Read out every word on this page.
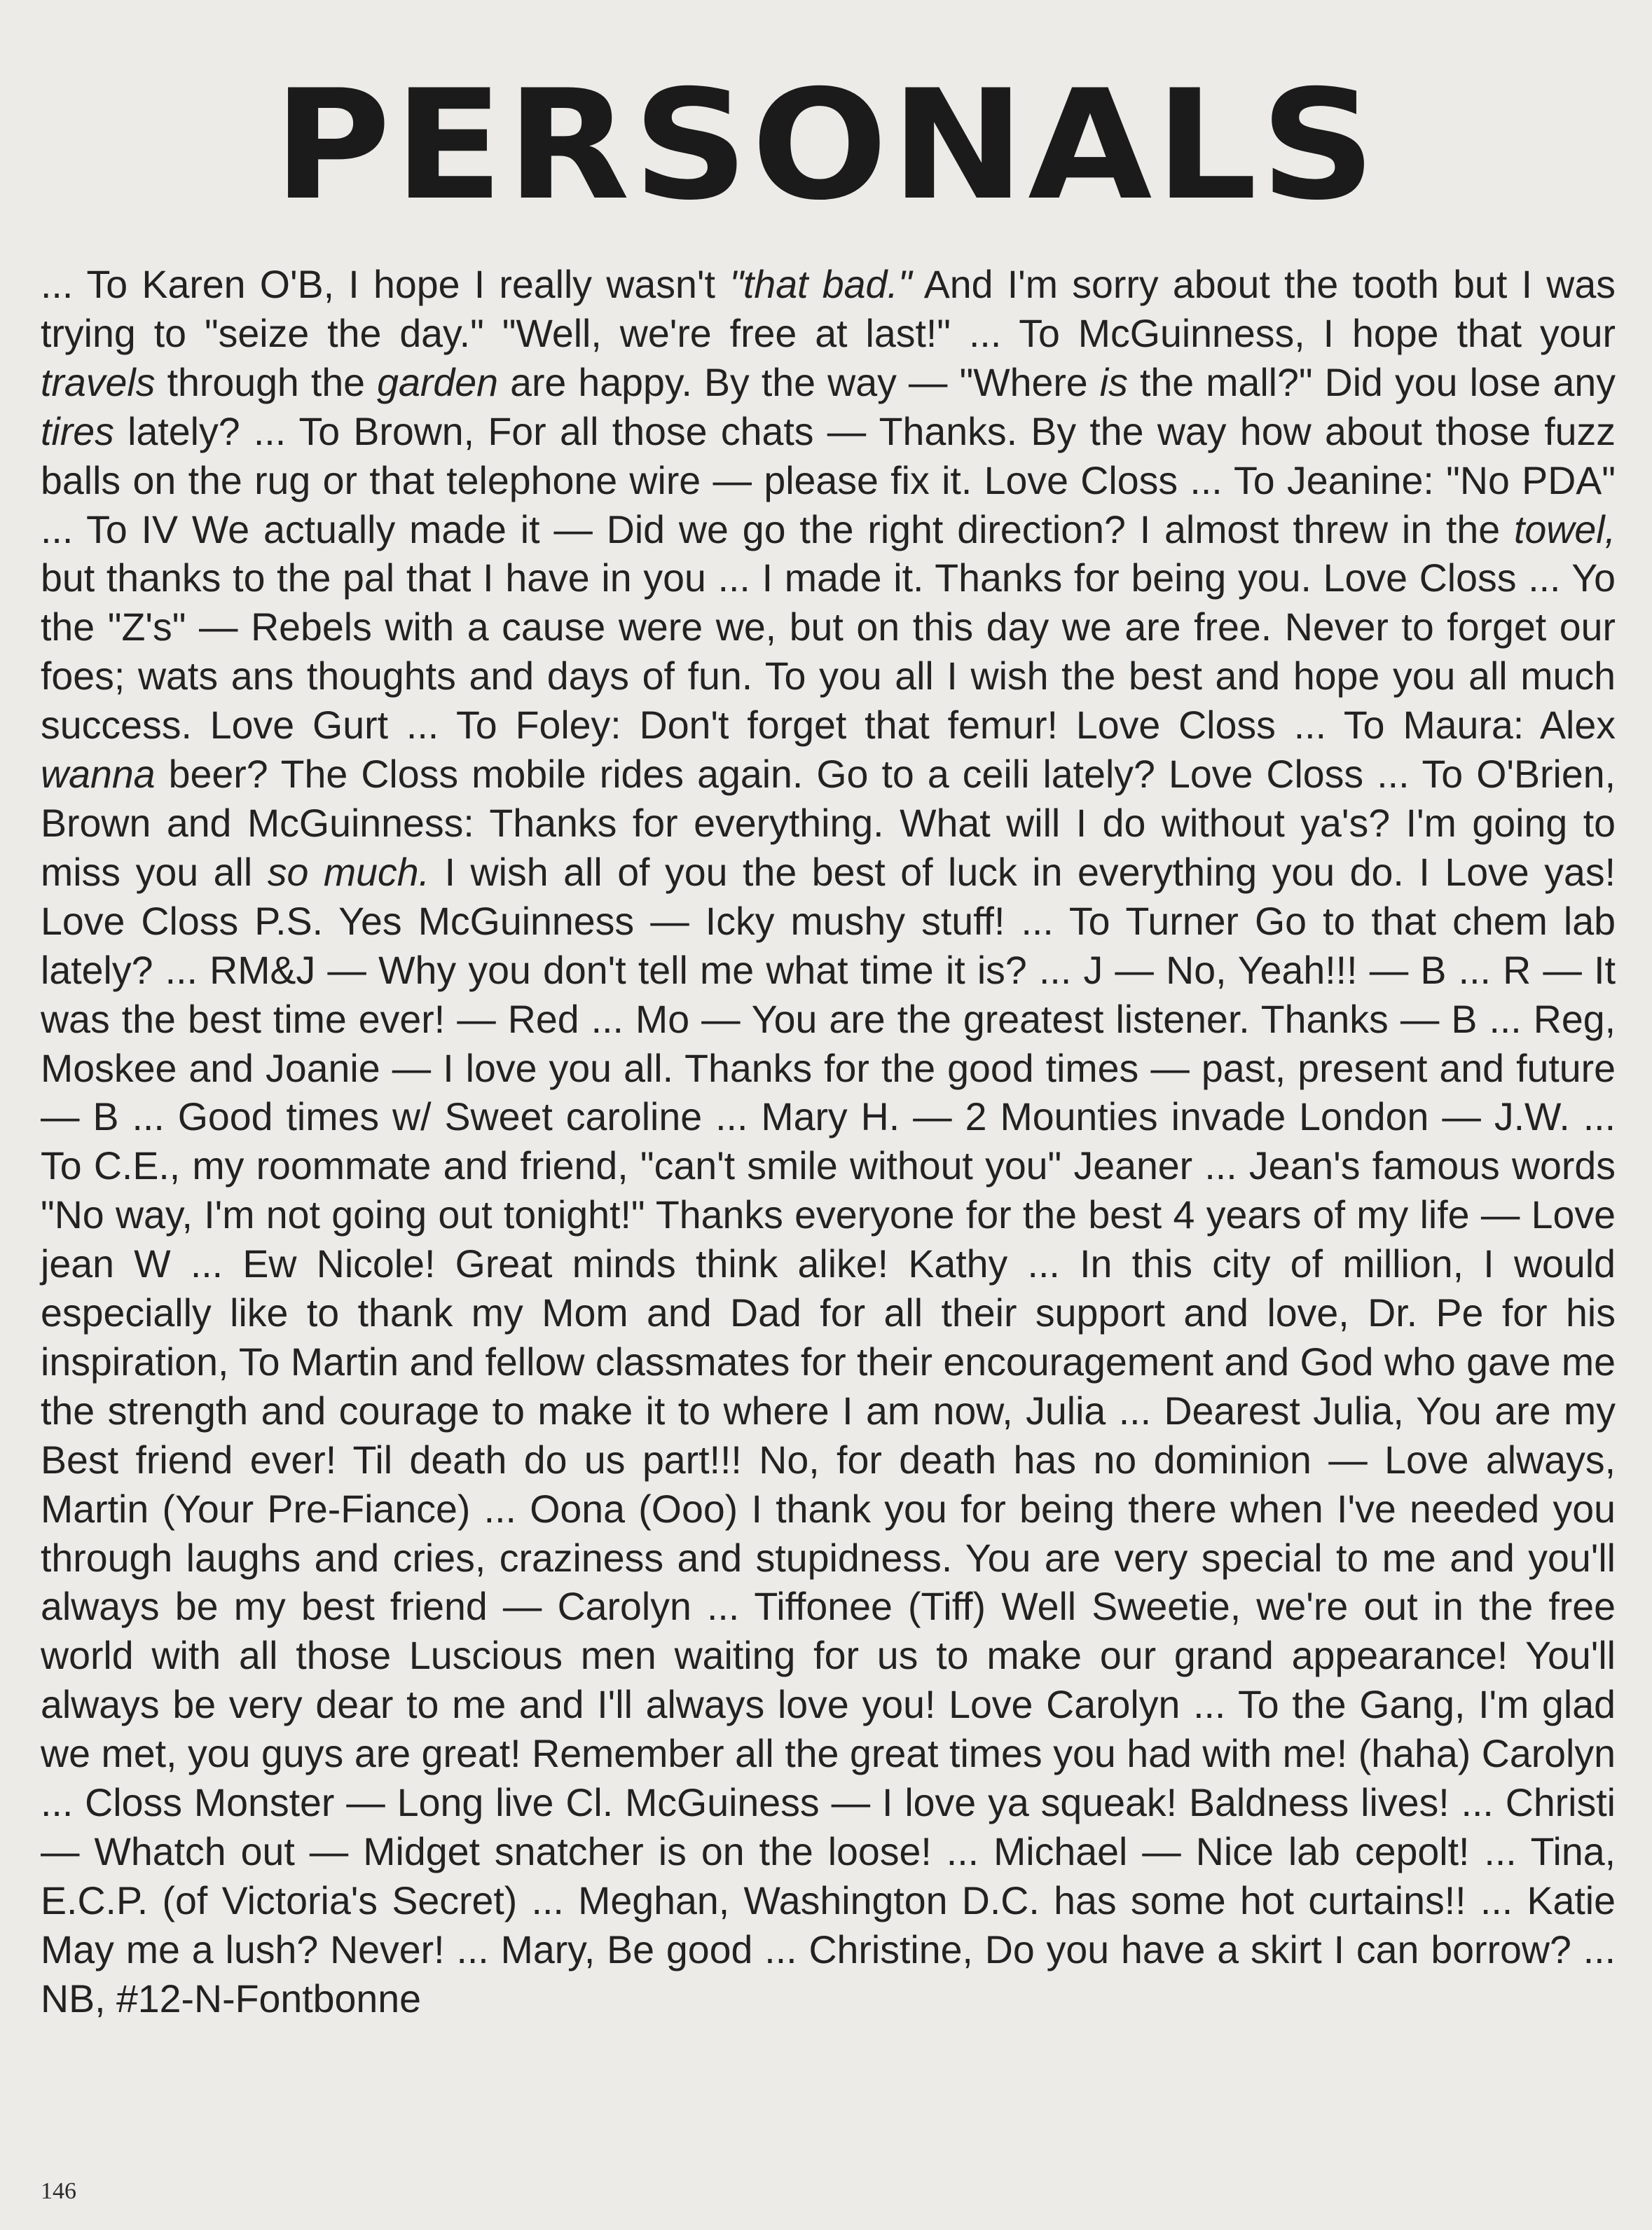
PERSONALS

... To Karen O'B, I hope I really wasn't "that bad." And I'm sorry about the tooth but I was trying to "seize the day." "Well, we're free at last!" ... To McGuinness, I hope that your travels through the garden are happy. By the way — "Where is the mall?" Did you lose any tires lately? ... To Brown, For all those chats — Thanks. By the way how about those fuzz balls on the rug or that telephone wire — please fix it. Love Closs ... To Jeanine: "No PDA" ... To IV We actually made it — Did we go the right direction? I almost threw in the towel, but thanks to the pal that I have in you ... I made it. Thanks for being you. Love Closs ... Yo the "Z's" — Rebels with a cause were we, but on this day we are free. Never to forget our foes; wats ans thoughts and days of fun. To you all I wish the best and hope you all much success. Love Gurt ... To Foley: Don't forget that femur! Love Closs ... To Maura: Alex wanna beer? The Closs mobile rides again. Go to a ceili lately? Love Closs ... To O'Brien, Brown and McGuinness: Thanks for everything. What will I do without ya's? I'm going to miss you all so much. I wish all of you the best of luck in everything you do. I Love yas! Love Closs P.S. Yes McGuinness — Icky mushy stuff! ... To Turner Go to that chem lab lately? ... RM&J — Why you don't tell me what time it is? ... J — No, Yeah!!! — B ... R — It was the best time ever! — Red ... Mo — You are the greatest listener. Thanks — B ... Reg, Moskee and Joanie — I love you all. Thanks for the good times — past, present and future — B ... Good times w/ Sweet caroline ... Mary H. — 2 Mounties invade London — J.W. ... To C.E., my roommate and friend, "can't smile without you" Jeaner ... Jean's famous words "No way, I'm not going out tonight!" Thanks everyone for the best 4 years of my life — Love jean W ... Ew Nicole! Great minds think alike! Kathy ... In this city of million, I would especially like to thank my Mom and Dad for all their support and love, Dr. Pe for his inspiration, To Martin and fellow classmates for their encouragement and God who gave me the strength and courage to make it to where I am now, Julia ... Dearest Julia, You are my Best friend ever! Til death do us part!!! No, for death has no dominion — Love always, Martin (Your Pre-Fiance) ... Oona (Ooo) I thank you for being there when I've needed you through laughs and cries, craziness and stupidness. You are very special to me and you'll always be my best friend — Carolyn ... Tiffonee (Tiff) Well Sweetie, we're out in the free world with all those Luscious men waiting for us to make our grand appearance! You'll always be very dear to me and I'll always love you! Love Carolyn ... To the Gang, I'm glad we met, you guys are great! Remember all the great times you had with me! (haha) Carolyn ... Closs Monster — Long live Cl. McGuiness — I love ya squeak! Baldness lives! ... Christi — Whatch out — Midget snatcher is on the loose! ... Michael — Nice lab cepolt! ... Tina, E.C.P. (of Victoria's Secret) ... Meghan, Washington D.C. has some hot curtains!! ... Katie May me a lush? Never! ... Mary, Be good ... Christine, Do you have a skirt I can borrow? ... NB, #12-N-Fontbonne

146
